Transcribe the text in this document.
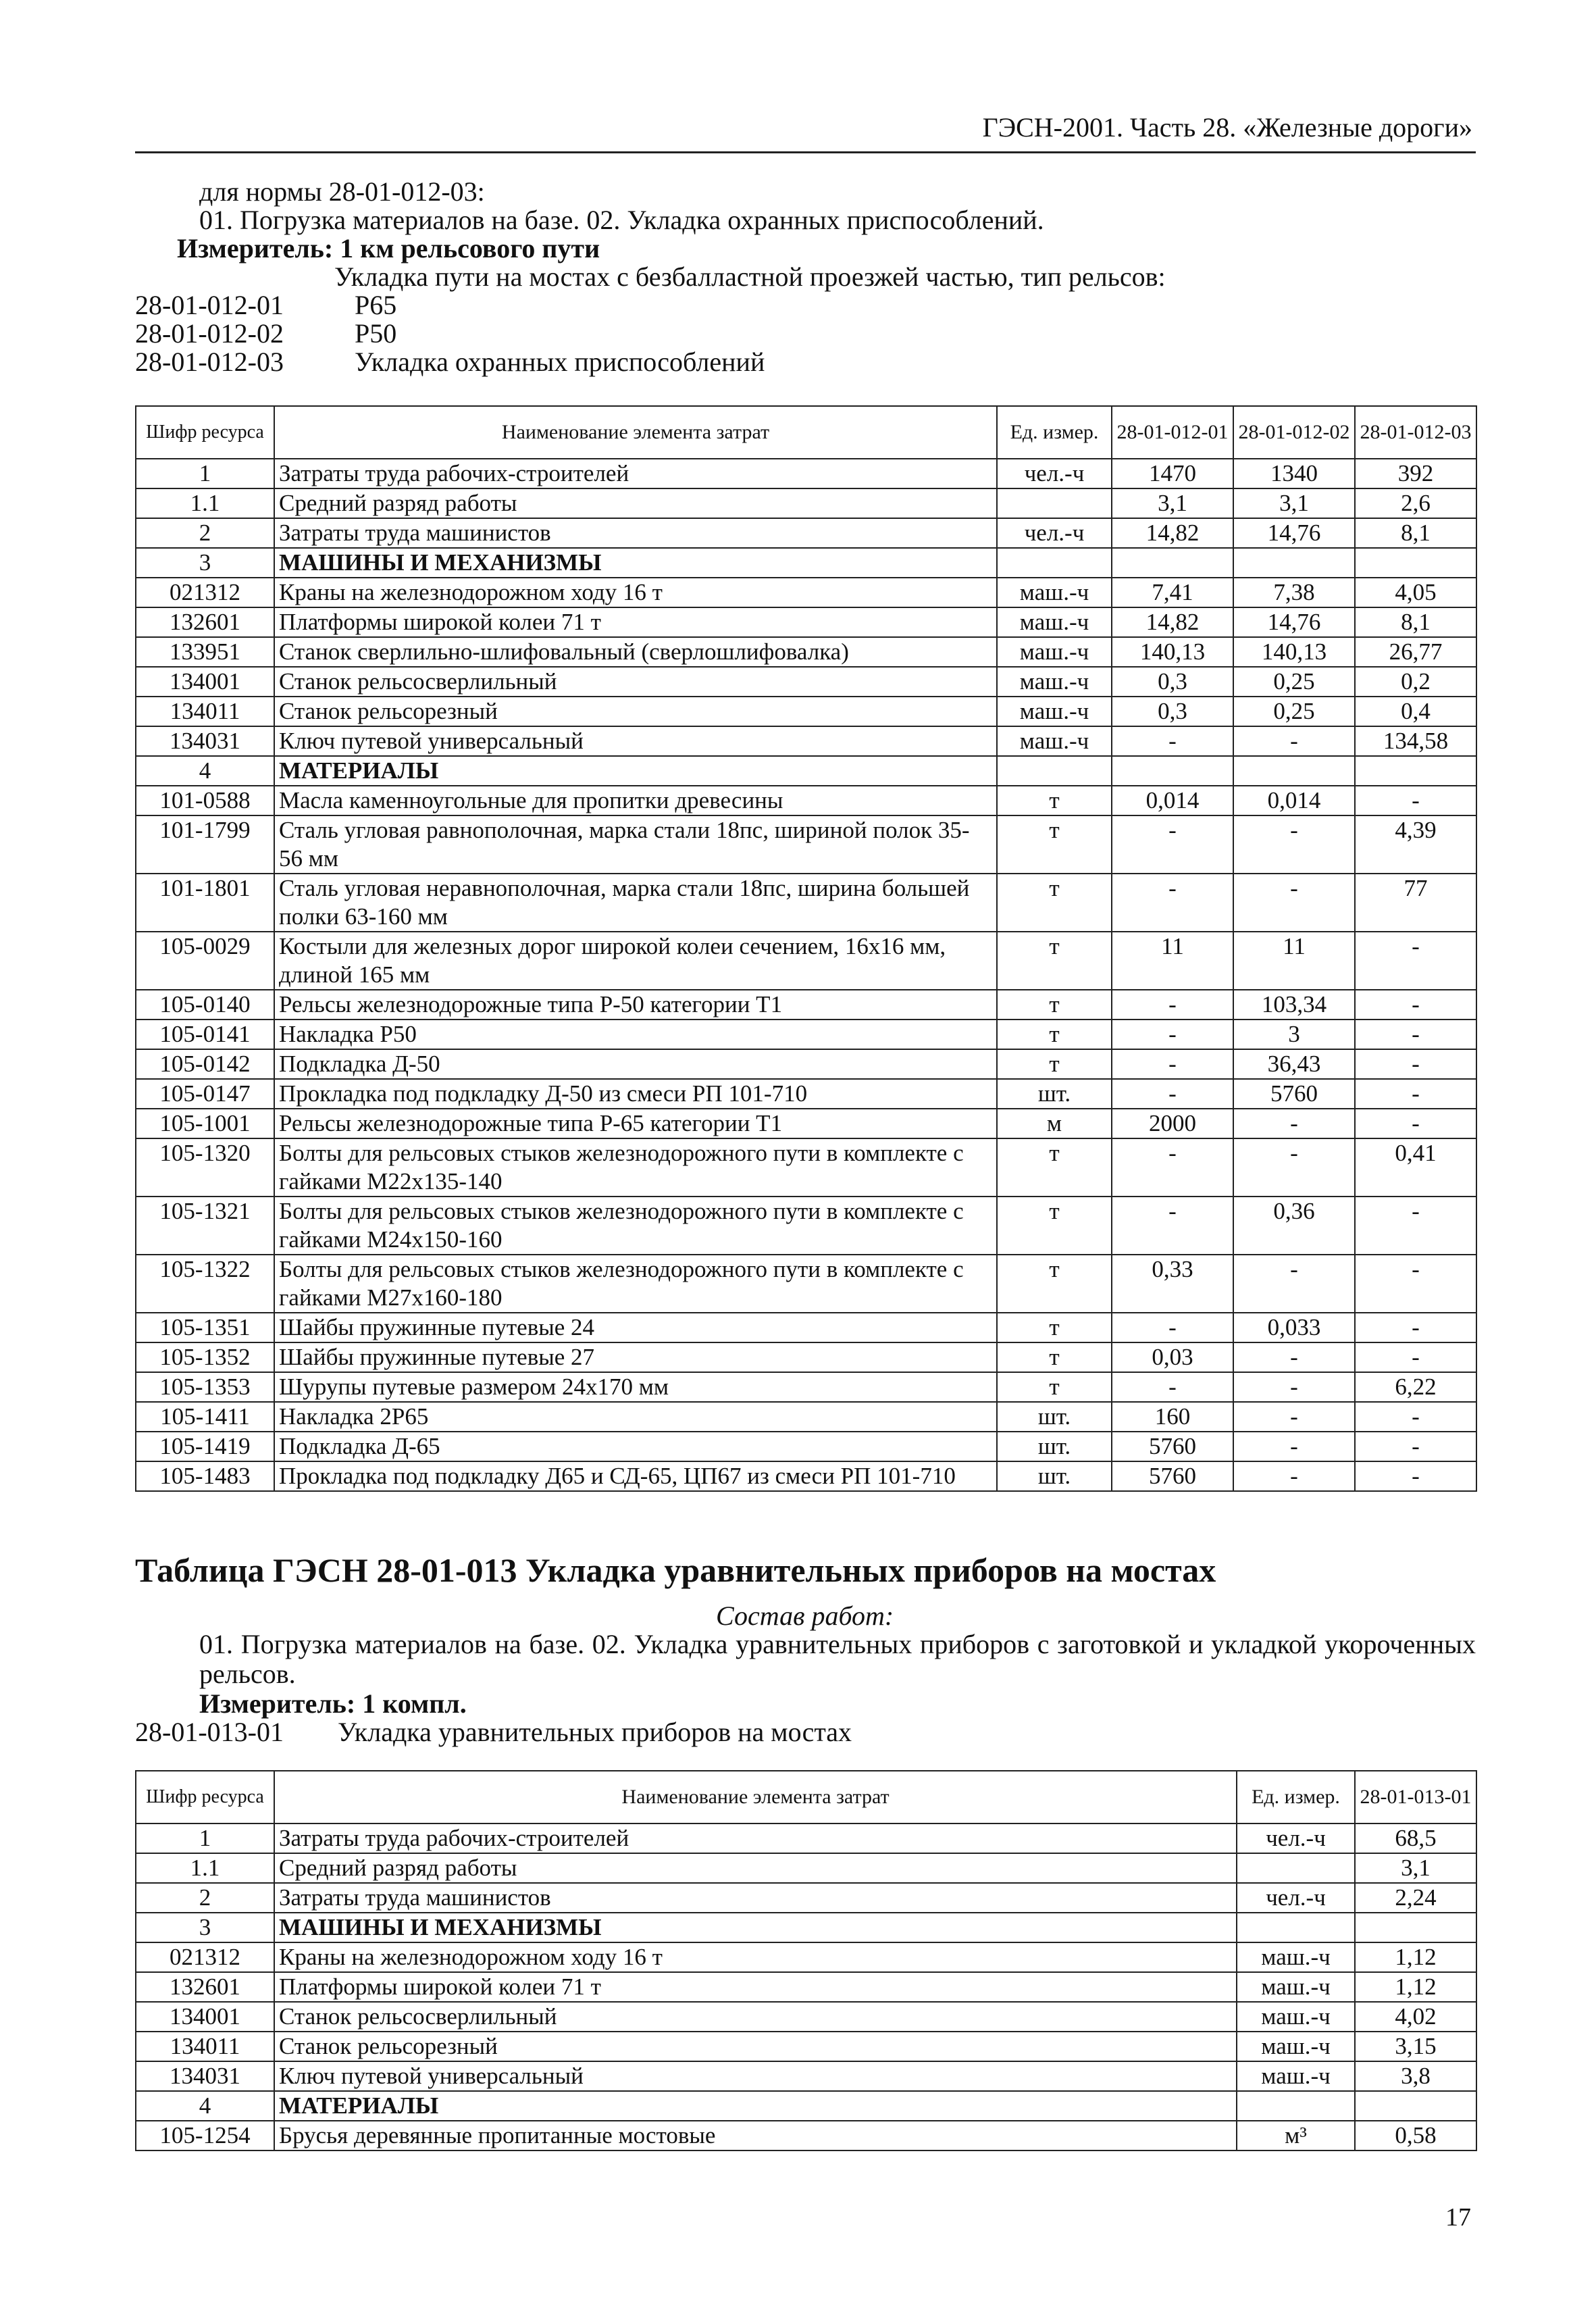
ГЭСН-2001. Часть 28. «Железные дороги»
для нормы 28-01-012-03:
01. Погрузка материалов на базе. 02. Укладка охранных приспособлений.
Измеритель: 1 км рельсового пути
Укладка пути на мостах с безбалластной проезжей частью, тип рельсов:
28-01-012-01	Р65
28-01-012-02	Р50
28-01-012-03	Укладка охранных приспособлений
Шифр ресурса	Наименование элемента затрат	Ед. измер.	28-01-012-01	28-01-012-02	28-01-012-03
1	Затраты труда рабочих-строителей	чел.-ч	1470	1340	392
1.1	Средний разряд работы		3,1	3,1	2,6
2	Затраты труда машинистов	чел.-ч	14,82	14,76	8,1
3	МАШИНЫ И МЕХАНИЗМЫ				
021312	Краны на железнодорожном ходу 16 т	маш.-ч	7,41	7,38	4,05
132601	Платформы широкой колеи 71 т	маш.-ч	14,82	14,76	8,1
133951	Станок сверлильно-шлифовальный (сверлошлифовалка)	маш.-ч	140,13	140,13	26,77
134001	Станок рельсосверлильный	маш.-ч	0,3	0,25	0,2
134011	Станок рельсорезный	маш.-ч	0,3	0,25	0,4
134031	Ключ путевой универсальный	маш.-ч	-	-	134,58
4	МАТЕРИАЛЫ				
101-0588	Масла каменноугольные для пропитки древесины	т	0,014	0,014	-
101-1799	Сталь угловая равнополочная, марка стали 18пс, шириной полок 35-56 мм	т	-	-	4,39
101-1801	Сталь угловая неравнополочная, марка стали 18пс, ширина большей полки 63-160 мм	т	-	-	77
105-0029	Костыли для железных дорог широкой колеи сечением, 16х16 мм, длиной 165 мм	т	11	11	-
105-0140	Рельсы железнодорожные типа Р-50 категории Т1	т	-	103,34	-
105-0141	Накладка Р50	т	-	3	-
105-0142	Подкладка Д-50	т	-	36,43	-
105-0147	Прокладка под подкладку Д-50 из смеси РП 101-710	шт.	-	5760	-
105-1001	Рельсы железнодорожные типа Р-65 категории Т1	м	2000	-	-
105-1320	Болты для рельсовых стыков железнодорожного пути в комплекте с гайками М22х135-140	т	-	-	0,41
105-1321	Болты для рельсовых стыков железнодорожного пути в комплекте с гайками М24х150-160	т	-	0,36	-
105-1322	Болты для рельсовых стыков железнодорожного пути в комплекте с гайками М27х160-180	т	0,33	-	-
105-1351	Шайбы пружинные путевые 24	т	-	0,033	-
105-1352	Шайбы пружинные путевые 27	т	0,03	-	-
105-1353	Шурупы путевые размером 24х170 мм	т	-	-	6,22
105-1411	Накладка 2Р65	шт.	160	-	-
105-1419	Подкладка Д-65	шт.	5760	-	-
105-1483	Прокладка под подкладку Д65 и СД-65, ЦП67 из смеси РП 101-710	шт.	5760	-	-
Таблица ГЭСН 28-01-013 Укладка уравнительных приборов на мостах
Состав работ:
01. Погрузка материалов на базе. 02. Укладка уравнительных приборов с заготовкой и укладкой укороченных рельсов.
Измеритель: 1 компл.
28-01-013-01 Укладка уравнительных приборов на мостах
Шифр ресурса	Наименование элемента затрат	Ед. измер.	28-01-013-01
1	Затраты труда рабочих-строителей	чел.-ч	68,5
1.1	Средний разряд работы		3,1
2	Затраты труда машинистов	чел.-ч	2,24
3	МАШИНЫ И МЕХАНИЗМЫ		
021312	Краны на железнодорожном ходу 16 т	маш.-ч	1,12
132601	Платформы широкой колеи 71 т	маш.-ч	1,12
134001	Станок рельсосверлильный	маш.-ч	4,02
134011	Станок рельсорезный	маш.-ч	3,15
134031	Ключ путевой универсальный	маш.-ч	3,8
4	МАТЕРИАЛЫ		
105-1254	Брусья деревянные пропитанные мостовые	м³	0,58
17
